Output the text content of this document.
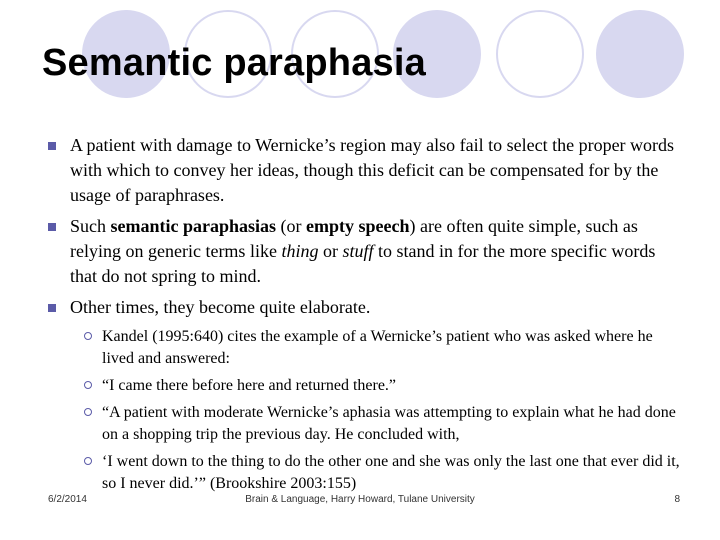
Semantic paraphasia
A patient with damage to Wernicke’s region may also fail to select the proper words with which to convey her ideas, though this deficit can be compensated for by the usage of paraphrases.
Such semantic paraphasias (or empty speech) are often quite simple, such as relying on generic terms like thing or stuff to stand in for the more specific words that do not spring to mind.
Other times, they become quite elaborate.
Kandel (1995:640) cites the example of a Wernicke’s patient who was asked where he lived and answered:
“I came there before here and returned there.”
“A patient with moderate Wernicke’s aphasia was attempting to explain what he had done on a shopping trip the previous day. He concluded with,
‘I went down to the thing to do the other one and she was only the last one that ever did it, so I never did.’” (Brookshire 2003:155)
6/2/2014	Brain & Language, Harry Howard, Tulane University	8
